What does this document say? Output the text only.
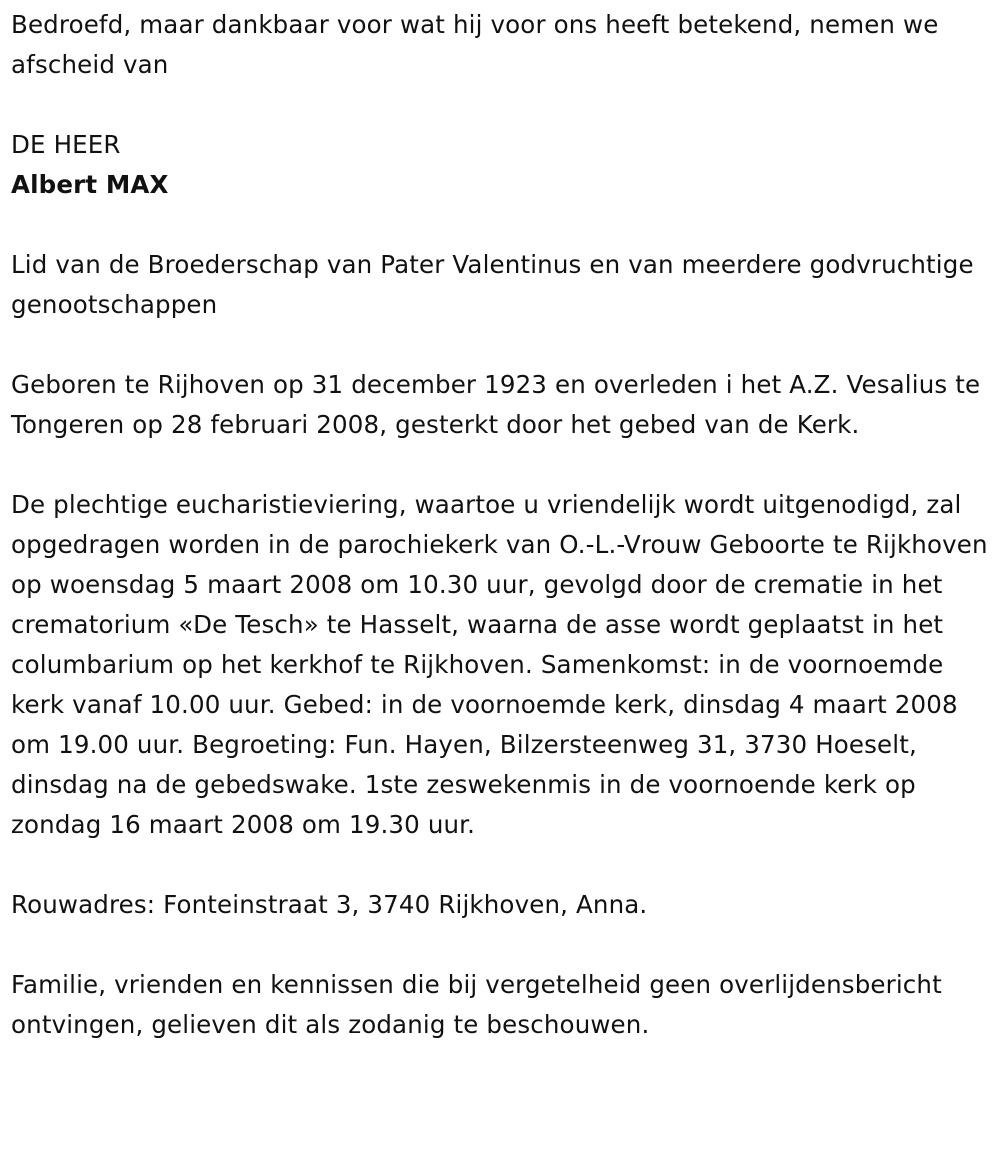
Bedroefd, maar dankbaar voor wat hij voor ons heeft betekend, nemen we afscheid van

DE HEER

Albert MAX

Lid van de Broederschap van Pater Valentinus en van meerdere godvruchtige genootschappen

Geboren te Rijhoven op 31 december 1923 en overleden i het A.Z. Vesalius te Tongeren op 28 februari 2008, gesterkt door het gebed van de Kerk.

De plechtige eucharistieviering, waartoe u vriendelijk wordt uitgenodigd, zal opgedragen worden in de parochiekerk van O.-L.-Vrouw Geboorte te Rijkhoven op woensdag 5 maart 2008 om 10.30 uur, gevolgd door de crematie in het crematorium «De Tesch» te Hasselt, waarna de asse wordt geplaatst in het columbarium op het kerkhof te Rijkhoven. Samenkomst: in de voornoemde kerk vanaf 10.00 uur. Gebed: in de voornoemde kerk, dinsdag 4 maart 2008 om 19.00 uur. Begroeting: Fun. Hayen, Bilzersteenweg 31, 3730 Hoeselt, dinsdag na de gebedswake. 1ste zeswekenmis in de voornoende kerk op zondag 16 maart 2008 om 19.30 uur.

Rouwadres: Fonteinstraat 3, 3740 Rijkhoven, Anna.

Familie, vrienden en kennissen die bij vergetelheid geen overlijdensbericht ontvingen, gelieven dit als zodanig te beschouwen.
